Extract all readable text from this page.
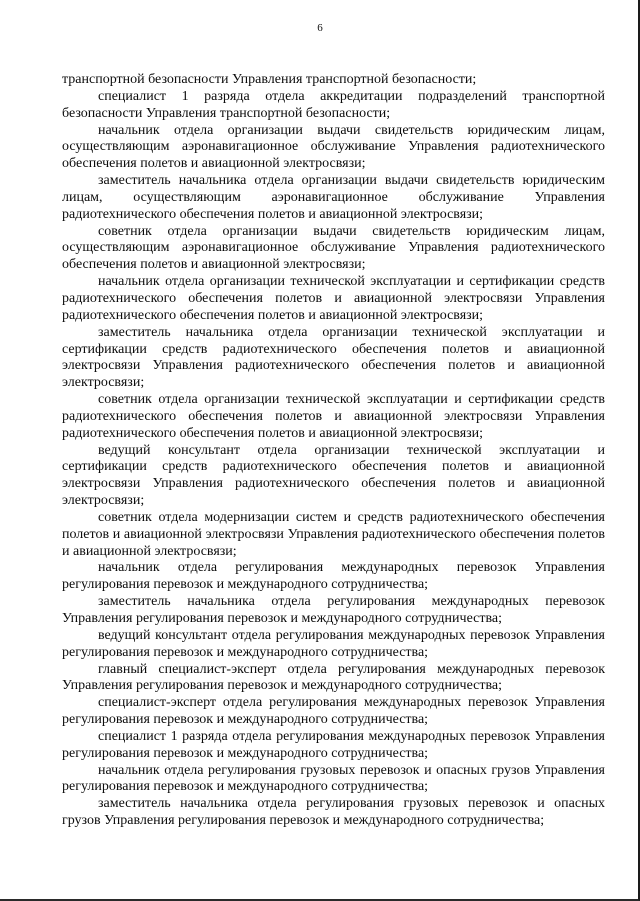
6

транспортной безопасности Управления транспортной безопасности;

специалист 1 разряда отдела аккредитации подразделений транспортной безопасности Управления транспортной безопасности;

начальник отдела организации выдачи свидетельств юридическим лицам, осуществляющим аэронавигационное обслуживание Управления радиотехнического обеспечения полетов и авиационной электросвязи;

заместитель начальника отдела организации выдачи свидетельств юридическим лицам, осуществляющим аэронавигационное обслуживание Управления радиотехнического обеспечения полетов и авиационной электросвязи;

советник отдела организации выдачи свидетельств юридическим лицам, осуществляющим аэронавигационное обслуживание Управления радиотехнического обеспечения полетов и авиационной электросвязи;

начальник отдела организации технической эксплуатации и сертификации средств радиотехнического обеспечения полетов и авиационной электросвязи Управления радиотехнического обеспечения полетов и авиационной электросвязи;

заместитель начальника отдела организации технической эксплуатации и сертификации средств радиотехнического обеспечения полетов и авиационной электросвязи Управления радиотехнического обеспечения полетов и авиационной электросвязи;

советник отдела организации технической эксплуатации и сертификации средств радиотехнического обеспечения полетов и авиационной электросвязи Управления радиотехнического обеспечения полетов и авиационной электросвязи;

ведущий консультант отдела организации технической эксплуатации и сертификации средств радиотехнического обеспечения полетов и авиационной электросвязи Управления радиотехнического обеспечения полетов и авиационной электросвязи;

советник отдела модернизации систем и средств радиотехнического обеспечения полетов и авиационной электросвязи Управления радиотехнического обеспечения полетов и авиационной электросвязи;

начальник отдела регулирования международных перевозок Управления регулирования перевозок и международного сотрудничества;

заместитель начальника отдела регулирования международных перевозок Управления регулирования перевозок и международного сотрудничества;

ведущий консультант отдела регулирования международных перевозок Управления регулирования перевозок и международного сотрудничества;

главный специалист-эксперт отдела регулирования международных перевозок Управления регулирования перевозок и международного сотрудничества;

специалист-эксперт отдела регулирования международных перевозок Управления регулирования перевозок и международного сотрудничества;

специалист 1 разряда отдела регулирования международных перевозок Управления регулирования перевозок и международного сотрудничества;

начальник отдела регулирования грузовых перевозок и опасных грузов Управления регулирования перевозок и международного сотрудничества;

заместитель начальника отдела регулирования грузовых перевозок и опасных грузов Управления регулирования перевозок и международного сотрудничества;
